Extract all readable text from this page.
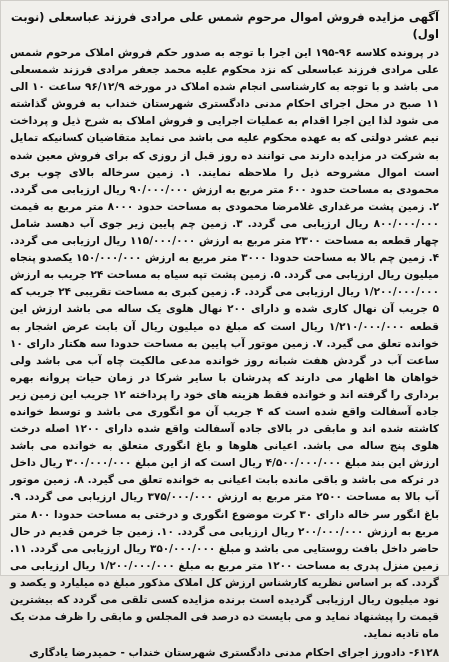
آگهی مزایده فروش اموال مرحوم شمس علی مرادی فرزند عباسعلی (نوبت اول)

در پرونده کلاسه ۹۶-۱۹۵ این اجرا با توجه به صدور حکم فروش املاک مرحوم شمس علی مرادی فرزند عباسعلی که نزد محکوم علیه محمد جعفر مرادی فرزند شمسعلی می باشد و با توجه به کارشناسی انجام شده املاک در مورخه ۹۶/۱۲/۹ ساعت ۱۰ الی ۱۱ صبح در محل اجرای احکام مدنی دادگستری شهرستان خنداب به فروش گذاشته می شود لذا این اجرا اقدام به عملیات اجرایی و فروش املاک به شرح ذیل و پرداخت نیم عشر دولتی که به عهده محکوم علیه می باشد می نماید متقاضیان کسانیکه تمایل به شرکت در مزایده دارند می توانند ده روز قبل از روزی که برای فروش معین شده است اموال مشروحه ذیل را ملاحظه نمایند. ۱. زمین سرخاله بالای چوب بری محمودی به مساحت حدود ۶۰۰ متر مربع به ارزش ۹۰/۰۰۰/۰۰۰ ریال ارزیابی می گردد. ۲. زمین پشت مرغداری غلامرضا محمودی به مساحت حدود ۸۰۰۰ متر مربع به قیمت ۸۰۰/۰۰۰/۰۰۰ ریال ارزیابی می گردد. ۳. زمین چم پایین زیر جوی آب دهسد شامل چهار قطعه به مساحت ۲۳۰۰ متر مربع به ارزش ۱۱۵/۰۰۰/۰۰۰ ریال ارزیابی می گردد. ۴. زمین چم بالا به مساحت حدودا ۳۰۰۰ متر مربع به ارزش ۱۵۰/۰۰۰/۰۰۰ یکصدو پنجاه میلیون ریال ارزیابی می گردد. ۵. زمین پشت تپه سیاه به مساحت ۲۴ جریب به ارزش ۱/۲۰۰/۰۰۰/۰۰۰ ریال ارزیابی می گردد. ۶. زمین کبری به مساحت تقریبی ۲۴ جریب که ۵ جریب آن نهال کاری شده و دارای ۲۰۰ نهال هلوی یک ساله می باشد ارزش این قطعه ۱/۲۱۰/۰۰۰/۰۰۰ ریال است که مبلغ ده میلیون ریال آن بابت عرض اشجار به خوانده تعلق می گیرد. ۷. زمین موتور آب پایین به مساحت حدودا سه هکتار دارای ۱۰ ساعت آب در گردش هفت شبانه روز خوانده مدعی مالکیت چاه آب می باشد ولی خواهان ها اظهار می دارند که پدرشان با سایر شرکا در زمان حیات پروانه بهره برداری را گرفته اند و خوانده فقط هزینه های خود را پرداخته ۱۲ جریب این زمین زیر جاده آسفالت واقع شده است که ۴ جریب آن مو انگوری می باشد و توسط خوانده کاشته شده اند و مابقی در بالای جاده آسفالت واقع شده دارای ۱۲۰۰ اصله درخت هلوی پنج ساله می باشد. اعیانی هلوها و باغ انگوری متعلق به خوانده می باشد ارزش این بند مبلغ ۴/۵۰۰/۰۰۰/۰۰۰ ریال است که از این مبلغ ۳۰۰/۰۰۰/۰۰۰ ریال داخل در ترکه می باشد و باقی مانده بابت اعیانی به خوانده تعلق می گیرد. ۸. زمین موتور آب بالا به مساحت ۲۵۰۰ متر مربع به ارزش ۳۷۵/۰۰۰/۰۰۰ ریال ارزیابی می گردد. ۹. باغ انگور سر خاله دارای ۳۰ کرت موضوع انگوری و درختی به مساحت حدودا ۸۰۰ متر مربع به ارزش ۲۰۰/۰۰۰/۰۰۰ ریال ارزیابی می گردد. ۱۰. زمین جا خرمن قدیم در حال حاضر داخل بافت روستایی می باشد و مبلغ ۳۵۰/۰۰۰/۰۰۰ ریال ارزیابی می گردد. ۱۱. زمین منزل پدری به مساحت ۱۲۰۰ متر مربع به مبلغ ۱/۲۰۰/۰۰۰/۰۰۰ ریال ارزیابی می گردد. که بر اساس نظریه کارشناس ارزش کل املاک مذکور مبلغ ده میلیارد و یکصد و نود میلیون ریال ارزیابی گردیده است برنده مزایده کسی تلقی می گردد که بیشترین قیمت را پیشنهاد نماید و می بایست ده درصد فی المجلس و مابقی را ظرف مدت یک ماه تادیه نماید.

۶۱۲۸- دادورز اجرای احکام مدنی دادگستری شهرستان خنداب - حمیدرضا یادگاری
